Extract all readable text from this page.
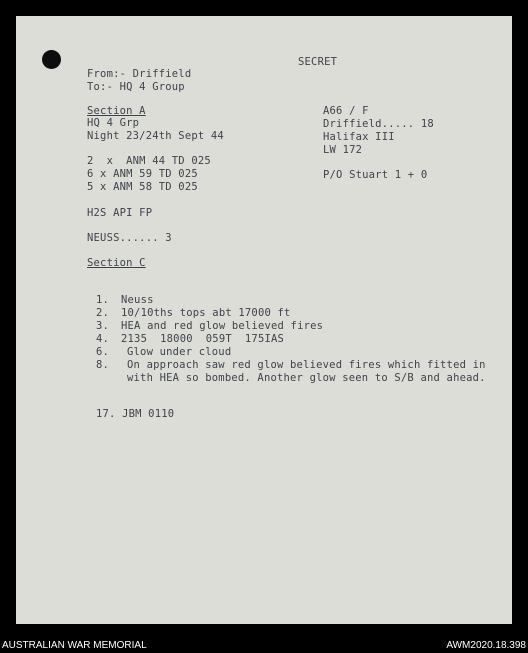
SECRET
From:- Driffield
To:- HQ 4 Group
Section A
HQ 4 Grp
Night 23/24th Sept 44
2  x  ANM 44 TD 025
6 x ANM 59 TD 025
5 x ANM 58 TD 025
H2S API FP
NEUSS...... 3
A66 / F
Driffield..... 18
Halifax III
LW 172
P/O Stuart 1 + 0
Section C
1. Neuss
2. 10/10ths tops abt 17000 ft
3. HEA and red glow believed fires
4. 2135  18000  059T  175IAS
6. Glow under cloud
8. On approach saw red glow believed fires which fitted in
with HEA so bombed. Another glow seen to S/B and ahead.
17. JBM 0110
AUSTRALIAN WAR MEMORIAL	AWM2020.18.398
